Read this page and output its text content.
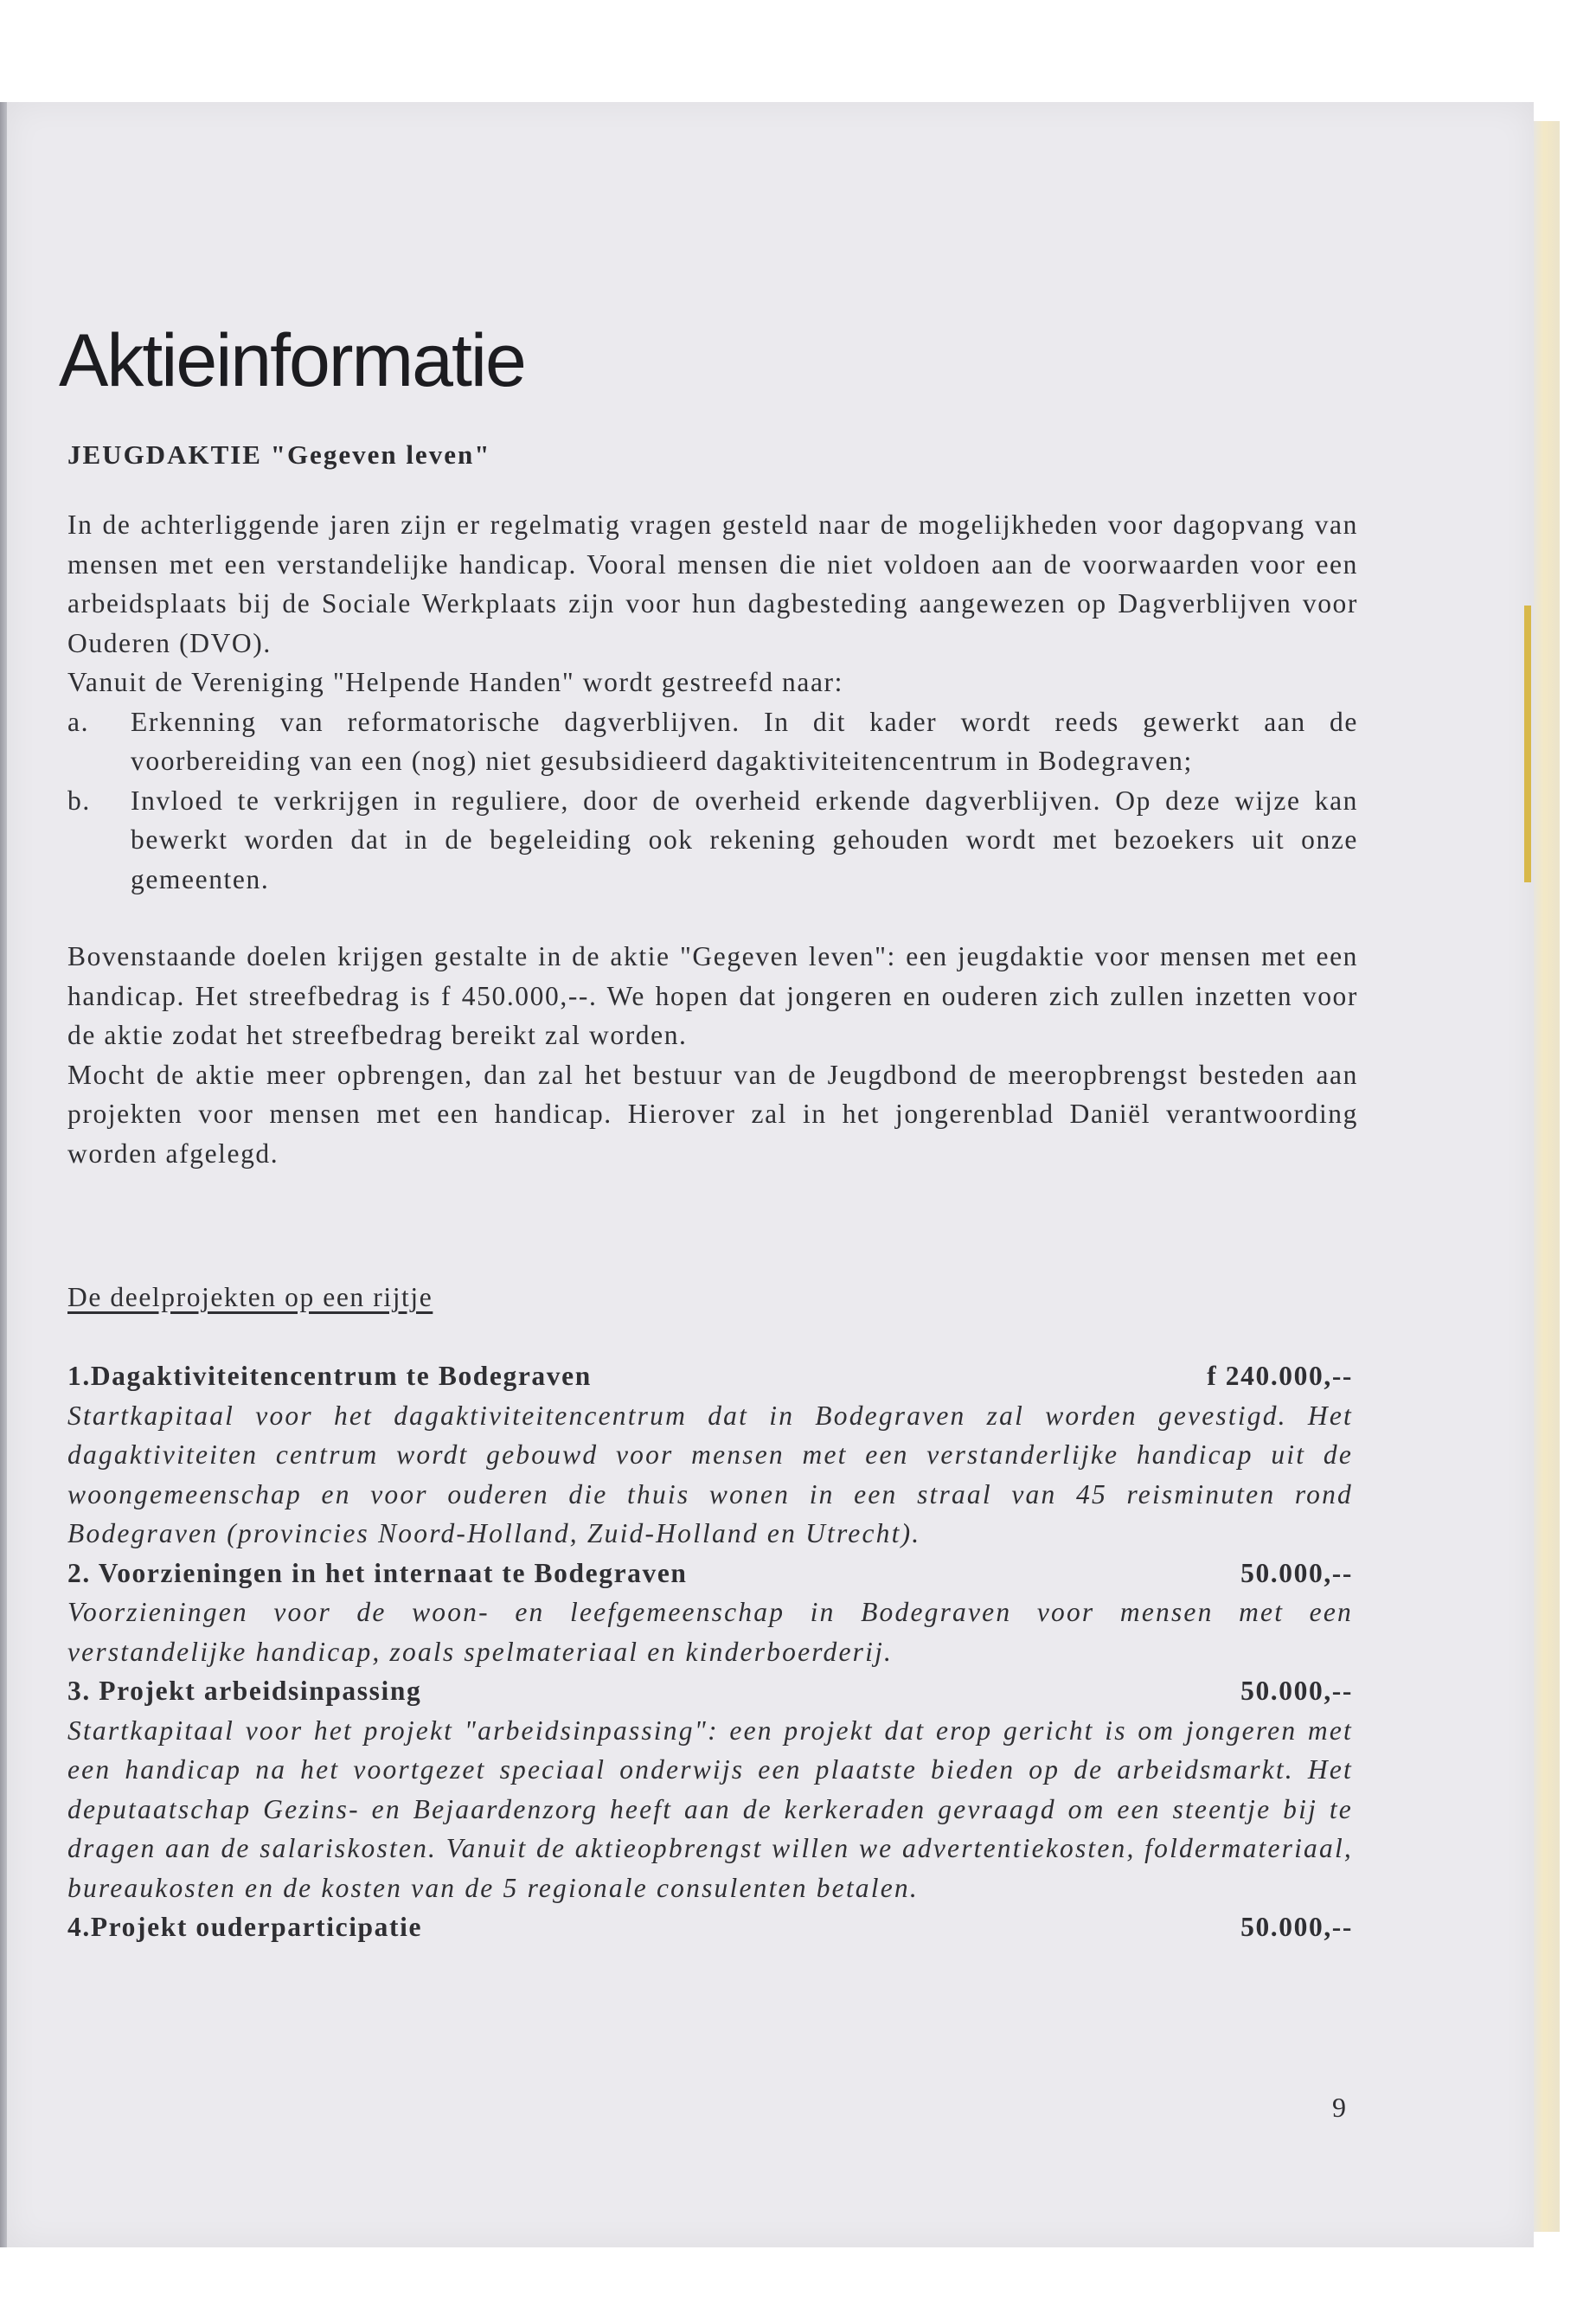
Aktieinformatie

JEUGDAKTIE "Gegeven leven"

In de achterliggende jaren zijn er regelmatig vragen gesteld naar de mogelijkheden voor dagopvang van mensen met een verstandelijke handicap. Vooral mensen die niet voldoen aan de voorwaarden voor een arbeidsplaats bij de Sociale Werkplaats zijn voor hun dagbesteding aangewezen op Dagverblijven voor Ouderen (DVO).

Vanuit de Vereniging "Helpende Handen" wordt gestreefd naar:

a.	Erkenning van reformatorische dagverblijven. In dit kader wordt reeds gewerkt aan de voorbereiding van een (nog) niet gesubsidieerd dagaktiviteitencentrum in Bodegraven;
b.	Invloed te verkrijgen in reguliere, door de overheid erkende dagverblijven. Op deze wijze kan bewerkt worden dat in de begeleiding ook rekening gehouden wordt met bezoekers uit onze gemeenten.

Bovenstaande doelen krijgen gestalte in de aktie "Gegeven leven": een jeugdaktie voor mensen met een handicap. Het streefbedrag is f 450.000,--. We hopen dat jongeren en ouderen zich zullen inzetten voor de aktie zodat het streefbedrag bereikt zal worden.

Mocht de aktie meer opbrengen, dan zal het bestuur van de Jeugdbond de meeropbrengst besteden aan projekten voor mensen met een handicap. Hierover zal in het jongerenblad Daniël verantwoording worden afgelegd.

De deelprojekten op een rijtje
1.Dagaktiviteitencentrum te Bodegraven	f 240.000,--
Startkapitaal voor het dagaktiviteitencentrum dat in Bodegraven zal worden gevestigd. Het dagaktiviteiten centrum wordt gebouwd voor mensen met een verstanderlijke handicap uit de woongemeenschap en voor ouderen die thuis wonen in een straal van 45 reisminuten rond Bodegraven (provincies Noord-Holland, Zuid-Holland en Utrecht).
2. Voorzieningen in het internaat te Bodegraven	50.000,--
Voorzieningen voor de woon- en leefgemeenschap in Bodegraven voor mensen met een verstandelijke handicap, zoals spelmateriaal en kinderboerderij.
3. Projekt arbeidsinpassing	50.000,--
Startkapitaal voor het projekt "arbeidsinpassing": een projekt dat erop gericht is om jongeren met een handicap na het voortgezet speciaal onderwijs een plaatste bieden op de arbeidsmarkt. Het deputaatschap Gezins- en Bejaardenzorg heeft aan de kerkeraden gevraagd om een steentje bij te dragen aan de salariskosten. Vanuit de aktieopbrengst willen we advertentiekosten, foldermateriaal, bureaukosten en de kosten van de 5 regionale consulenten betalen.
4.Projekt ouderparticipatie	50.000,--
9
